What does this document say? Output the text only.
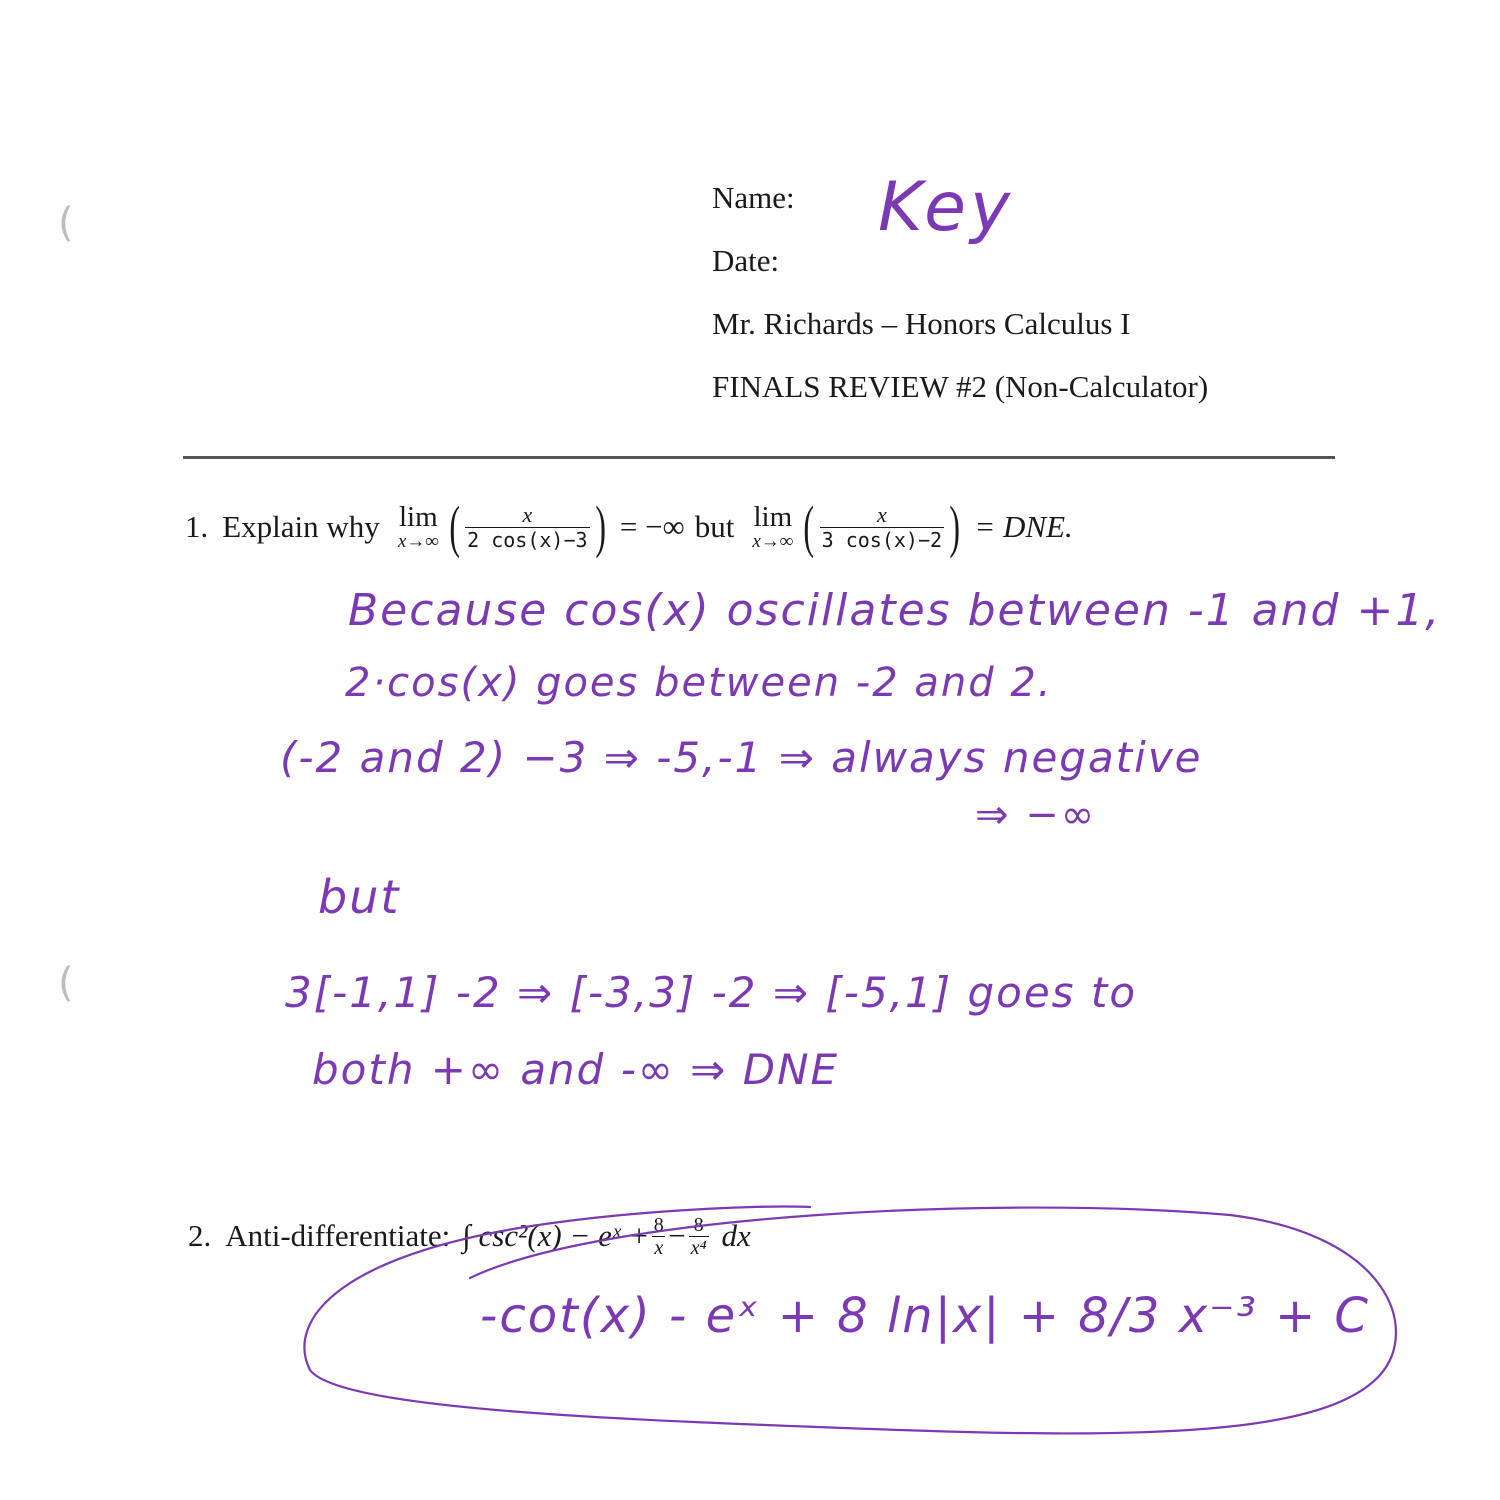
(
(
Name:
Date:
Mr. Richards – Honors Calculus I
FINALS REVIEW #2 (Non-Calculator)
Key
1. Explain why lim
x→∞ ( $\frac{x}{2 \cos(x)-3}$ ) = −∞ but lim
x→∞ ( $\frac{x}{3 \cos(x)-2}$ ) = DNE.
Because cos(x) oscillates between -1 and +1,
2·cos(x) goes between -2 and 2.
(-2 and 2) −3 ⇒ -5,-1 ⇒ always negative
⇒ −∞
but
3[-1,1] -2 ⇒ [-3,3] -2 ⇒ [-5,1] goes to
both +∞ and -∞ ⇒ DNE
2. Anti-differentiate: ∫ csc²(x) − eˣ + $\frac{8}{x} - \frac{8}{\text{x⁴}}$ dx
-cot(x) - eˣ + 8 ln|x| + 8/3 x⁻³ + C
